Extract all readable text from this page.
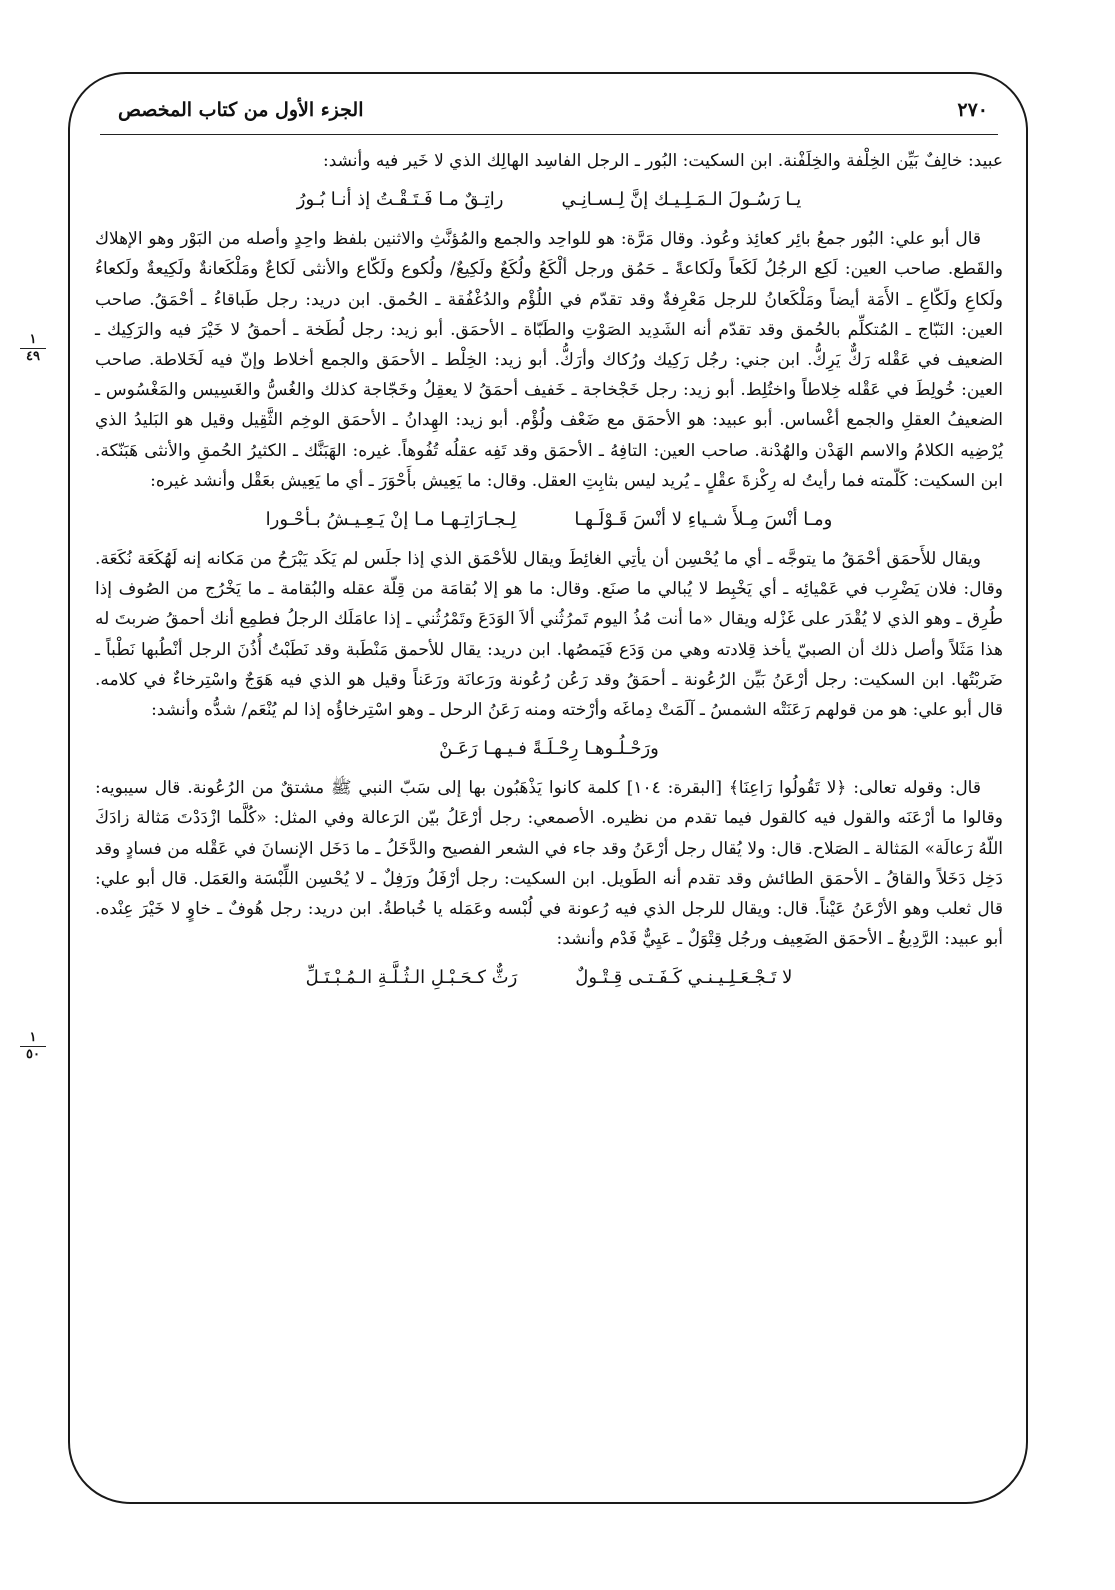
٢٧٠
الجزء الأول من كتاب المخصص
١
٤٩
١
٥٠

عبيد: خالِفٌ بَيِّن الخِلْفة والخِلَفْنة. ابن السكيت: البُور ـ الرجل الفاسِد الهالِك الذي لا خَير فيه وأنشد:

يـا رَسُـولَ الـمَـلِـيـك إنَّ لِـسـانِـي
راتِـقٌ مـا فَـتَـقْـتُ إذ أنـا بُـورُ

قال أبو علي: البُور جمعُ بائِر كعائِذ وعُوذ. وقال مَرَّة: هو للواحِد والجمع والمُؤنَّثِ والاثنين بلفظ واحِدٍ وأصله من البَوْر وهو الإهلاك والقَطع. صاحب العين: لَكِع الرجُلُ لَكَعاً ولَكاعةً ـ حَمُق ورجل ألْكَعُ ولُكَعٌ ولَكِيعٌ/ ولُكوع ولَكّاع والأنثى لَكاعٌ ومَلْكَعانةٌ ولَكِيعةٌ ولَكعاءُ ولَكاعِ ولَكّاعِ ـ الأَمَة أيضاً ومَلْكَعانُ للرجل مَعْرِفةٌ وقد تقدّم في اللُؤْم والدُغْفُقة ـ الحُمق. ابن دريد: رجل طَباقاءُ ـ أحْمَقُ. صاحب العين: النَبّاج ـ المُتكلِّم بالحُمق وقد تقدّم أنه الشَدِيد الصَوْتِ والطَبّاة ـ الأحمَق. أبو زيد: رجل لُطَخة ـ أحمقُ لا خَيْرَ فيه والرَكِيك ـ الضعيف في عَقْله رَكٌّ يَرِكُّ. ابن جني: رجُل رَكِيك ورُكاك وأرَكُّ. أبو زيد: الخِلْط ـ الأحمَق والجمع أخلاط وإنّ فيه لَخَلاطة. صاحب العين: خُولِطَ في عَقْله خِلاطاً واختُلِط. أبو زيد: رجل خَجْخاجة ـ خَفيف أحمَقُ لا يعقِلُ وخَجّاجة كذلك والغُسُّ والغَسِيس والمَغْسُوس ـ الضعيفُ العقلِ والجمع أغْساس. أبو عبيد: هو الأحمَق مع ضَعْف ولُؤْم. أبو زيد: الهِدانُ ـ الأحمَق الوخِم الثَّقِيل وقيل هو البَليدُ الذي يُرْضِيه الكلامُ والاسم الهَدْن والهُدْنة. صاحب العين: التافِهُ ـ الأحمَق وقد تَفِه عقلُه تُفُوهاً. غيره: الهَبَنَّك ـ الكثيرُ الحُمقِ والأنثى هَبَنّكة. ابن السكيت: كَلّمته فما رأيتُ له رِكْزةَ عقْلٍ ـ يُريد ليس بثابِتِ العقل. وقال: ما يَعِيش بأَحْوَرَ ـ أي ما يَعِيش بعَقْل وأنشد غيره:

ومـا أنْسَ مِـلأَ شـياءِ لا أنْسَ قَـوْلَـهـا
لِـجـارَاتِـهـا مـا إنْ يَـعِـيـشُ بـأحْـورا

ويقال للأَحمَق أحْمَقُ ما يتوجَّه ـ أي ما يُحْسِن أن يأتِي الغائِطَ ويقال للأحْمَق الذي إذا جلَس لم يَكَد يَبْرَحُ من مَكانه إنه لَهُكَعَة نُكَعَة. وقال: فلان يَضْرِب في عَمْيائِه ـ أي يَخْبِط لا يُبالي ما صنَع. وقال: ما هو إلا بُقامَة من قِلّة عقله والبُقامة ـ ما يَخْرُج من الصُوف إذا طُرِق ـ وهو الذي لا يُقْدَر على غَزْله ويقال «ما أنت مُذُ اليوم تَمرُثُني ألاَ الوَدَعَ وتَمْرُثُني ـ إذا عامَلَك الرجلُ فطمِع أنك أحمقُ ضربتَ له هذا مَثَلاً وأصل ذلك أن الصبيّ يأخذ قِلادته وهي من وَدَع فَيَمصُها. ابن دريد: يقال للأحمق مَنْطَبة وقد نَطَبْتُ أُذُنَ الرجل أنْطُبها نَطْباً ـ ضَربْتُها. ابن السكيت: رجل أرْعَنُ بَيِّن الرُعُونة ـ أحمَقُ وقد رَعُن رُعُونة ورَعانَة ورَعَناً وقيل هو الذي فيه هَوَجٌ واسْتِرخاءٌ في كلامه. قال أبو علي: هو من قولهم رَعَنَتْه الشمسُ ـ آلَمَتْ دِماغَه وأرْخته ومنه رَعَنُ الرحل ـ وهو اسْتِرخاؤُه إذا لم يُنْعَم/ شدُّه وأنشد:

ورَحْـلُـوهـا رِحْـلَـةً فـيـهـا رَعَـنْ

قال: وقوله تعالى: ﴿لا تَقُولُوا رَاعِنَا﴾ [البقرة: ١٠٤] كلمة كانوا يَذْهَبُون بها إلى سَبّ النبي ﷺ مشتقٌ من الرُعُونة. قال سيبويه: وقالوا ما أرْعَنَه والقول فيه كالقول فيما تقدم من نظيره. الأصمعي: رجل أرْعَلُ بيّن الرَعالة وفي المثل: «كُلَّما ازْدَدْتَ مَثالة زادَكَ اللّهُ رَعالَة» المَثالة ـ الصَلاح. قال: ولا يُقال رجل أرْعَنُ وقد جاء في الشعر الفصيح والدَّخَلُ ـ ما دَخَل الإنسانَ في عَقْله من فسادٍ وقد دَخِل دَخَلاً والقاقُ ـ الأحمَق الطائش وقد تقدم أنه الطَويل. ابن السكيت: رجل أرْفَلُ ورَفِلٌ ـ لا يُحْسِن اللِّبْسَة والعَمَل. قال أبو علي: قال ثعلب وهو الأرْعَنُ عَيْناً. قال: ويقال للرجل الذي فيه رُعونة في لُبْسه وعَمَله يا خُباطةُ. ابن دريد: رجل هُوفٌ ـ خاوٍ لا خَيْرَ عِنْده. أبو عبيد: الرَّدِيغُ ـ الأحمَق الضَعِيف ورجُل قِتْوَلٌ ـ عَيِيٌّ فَدْم وأنشد:

لا تَـجْـعَـلِـيـنـي كَـفَـتـى قِـتْـولٌ
رَثٌّ كـحَـبْـلِ الـثُـلَّـةِ الـمُـبْـتَـلِّ
